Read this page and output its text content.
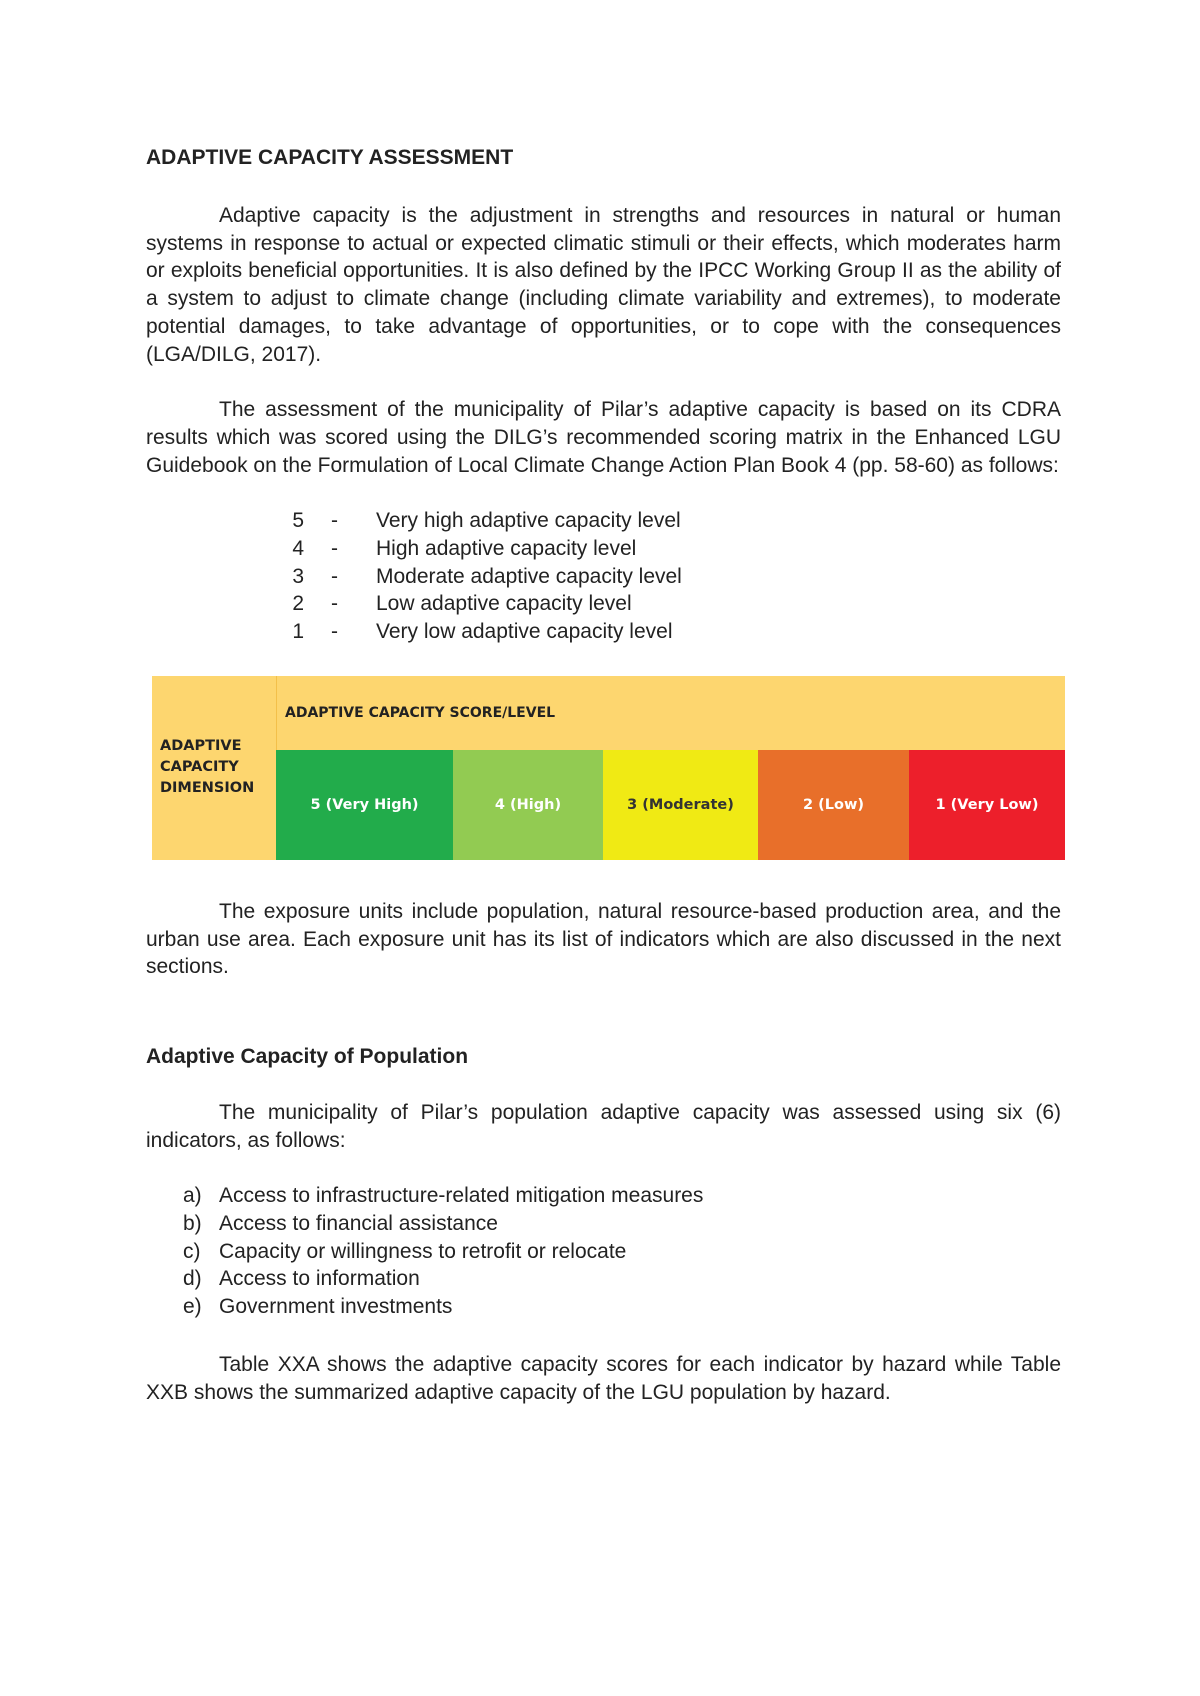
ADAPTIVE CAPACITY ASSESSMENT

Adaptive capacity is the adjustment in strengths and resources in natural or human systems in response to actual or expected climatic stimuli or their effects, which moderates harm or exploits beneficial opportunities. It is also defined by the IPCC Working Group II as the ability of a system to adjust to climate change (including climate variability and extremes), to moderate potential damages, to take advantage of opportunities, or to cope with the consequences (LGA/DILG, 2017).

The assessment of the municipality of Pilar’s adaptive capacity is based on its CDRA results which was scored using the DILG’s recommended scoring matrix in the Enhanced LGU Guidebook on the Formulation of Local Climate Change Action Plan Book 4 (pp. 58-60) as follows:

5	-	Very high adaptive capacity level
4	-	High adaptive capacity level
3	-	Moderate adaptive capacity level
2	-	Low adaptive capacity level
1	-	Very low adaptive capacity level
ADAPTIVE
CAPACITY
DIMENSION
ADAPTIVE CAPACITY SCORE/LEVEL
5 (Very High)	4 (High)	3 (Moderate)	2 (Low)	1 (Very Low)

The exposure units include population, natural resource-based production area, and the urban use area. Each exposure unit has its list of indicators which are also discussed in the next sections.

Adaptive Capacity of Population

The municipality of Pilar’s population adaptive capacity was assessed using six (6) indicators, as follows:

a) Access to infrastructure-related mitigation measures
b) Access to financial assistance
c) Capacity or willingness to retrofit or relocate
d) Access to information
e) Government investments

Table XXA shows the adaptive capacity scores for each indicator by hazard while Table XXB shows the summarized adaptive capacity of the LGU population by hazard.
